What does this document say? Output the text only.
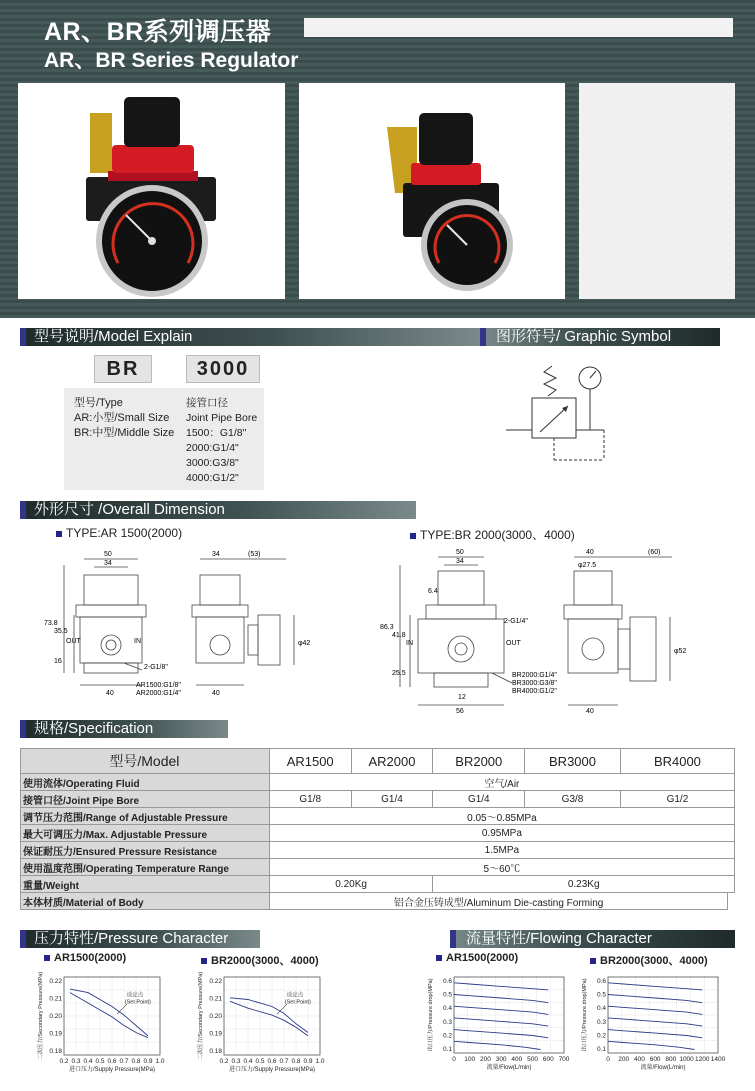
AR、BR系列调压器
AR、BR Series Regulator
型号说明/Model Explain	图形符号/ Graphic Symbol
BR	3000
型号/Type
AR:小型/Small Size
BR:中型/Middle Size
接管口径
Joint Pipe Bore
1500：G1/8"
2000:G1/4"
3000:G3/8"
4000:G1/2"
外形尺寸 /Overall Dimension
TYPE:AR 1500(2000)	TYPE:BR 2000(3000、4000)
50
34
34	(53)
73.8
35.5
16
40	40
φ42
2-G1/8"
AR1500:G1/8"
AR2000:G1/4"
IN
OUT
50
34
40	(60)
φ27.5
86.3
41.8
25.5
56	40
φ52
2-G1/4"
BR2000:G1/4"
BR3000:G3/8"
BR4000:G1/2"
IN	OUT
6.4
12
规格/Specification
型号/Model	AR1500	AR2000	BR2000	BR3000	BR4000	
使用流体/Operating Fluid	空气/Air					
接管口径/Joint Pipe Bore	G1/8	G1/4	G1/4	G3/8	G1/2	
调节压力范围/Range of Adjustable Pressure	0.05～0.85MPa					
最大可调压力/Max. Adjustable Pressure	0.95MPa					
保证耐压力/Ensured Pressure Resistance	1.5MPa					
使用温度范围/Operating Temperature Range	5～60℃					
重量/Weight	0.20Kg		0.23Kg			
本体材质/Material of Body	铝合金压铸成型/Aluminum Die-casting Forming					
压力特性/Pressure Character	流量特性/Flowing Character
AR1500(2000)	BR2000(3000、4000)	AR1500(2000)	BR2000(3000、4000)
0.2 0.3 0.4 0.5 0.6 0.7 0.8 0.9 1.0
0.22
0.21
0.20
0.19
0.18
进口压力/Supply Pressure(MPa)
二次压力/Secondary Pressure(MPa)	设定点
(Set Point)
0.2 0.3 0.4 0.5 0.6 0.7 0.8 0.9 1.0
0.22
0.21
0.20
0.19
0.18
进口压力/Supply Pressure(MPa)
二次压力/Secondary Pressure(MPa)	设定点
(Set Point)
0 100 200 300 400 500 600 700
0.6
0.5
0.4
0.3
0.2
0.1
流量/Flow(L/min)
出口压力/Pressure drop(MPa)
0 200 400 600 800 1000 1200 1400
0.6
0.5
0.4
0.3
0.2
0.1
流量/Flow(L/min)
出口压力/Pressure drop(MPa)
